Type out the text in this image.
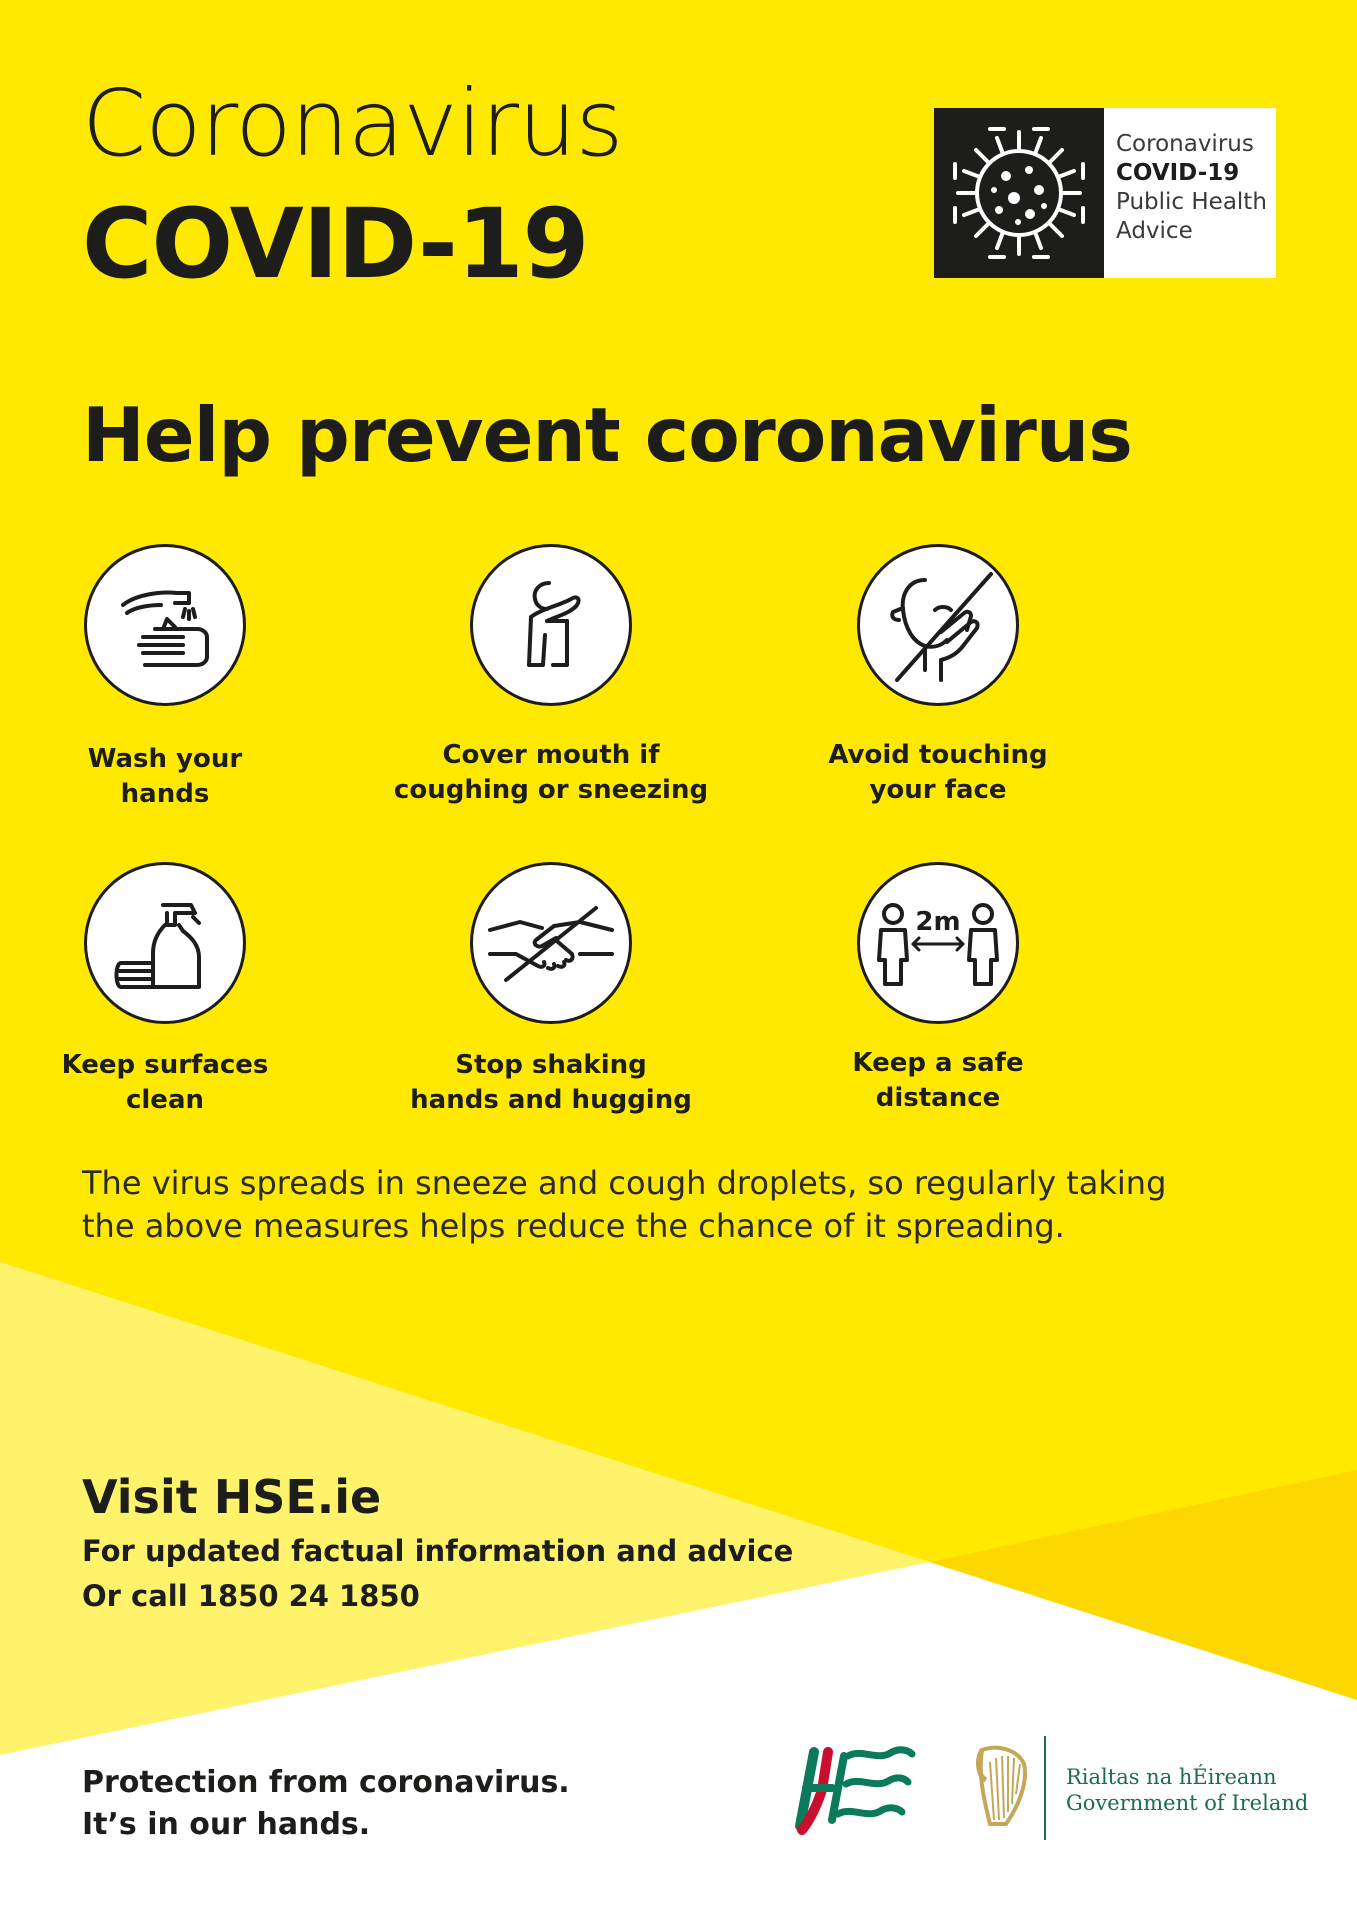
Coronavirus
COVID-19
Coronavirus
COVID-19
Public Health
Advice
Help prevent coronavirus
Wash your
hands
Cover mouth if
coughing or sneezing
Avoid touching
your face
Keep surfaces
clean
Stop shaking
hands and hugging
2m
Keep a safe
distance
The virus spreads in sneeze and cough droplets, so regularly taking
the above measures helps reduce the chance of it spreading.
Visit HSE.ie
For updated factual information and advice
Or call 1850 24 1850
Protection from coronavirus.
It’s in our hands.
Rialtas na hÉireann
Government of Ireland
